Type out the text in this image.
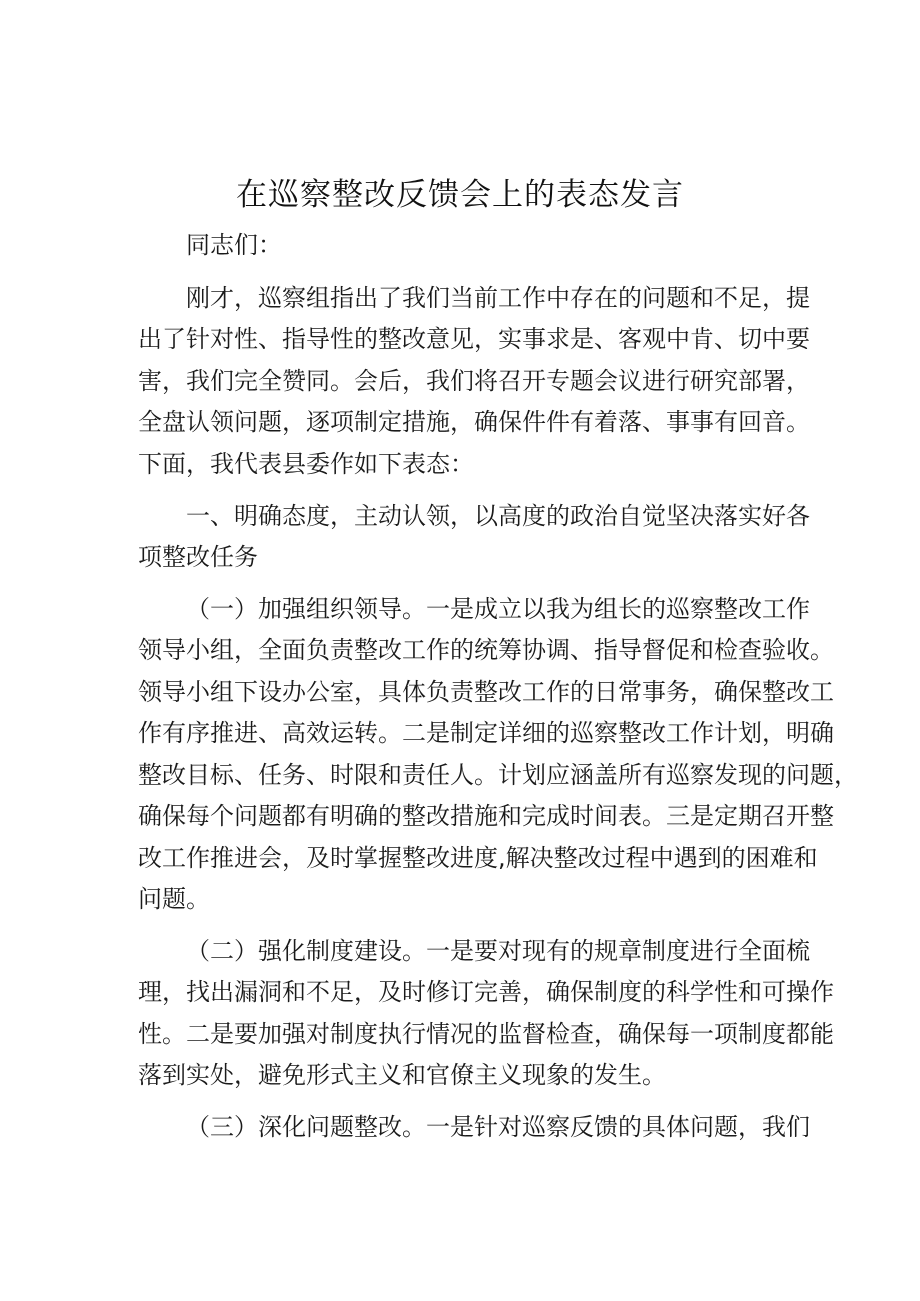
在巡察整改反馈会上的表态发言

同志们：

刚才，巡察组指出了我们当前工作中存在的问题和不足，提

出了针对性、指导性的整改意见，实事求是、客观中肯、切中要

害，我们完全赞同。会后，我们将召开专题会议进行研究部署，

全盘认领问题，逐项制定措施，确保件件有着落、事事有回音。

下面，我代表县委作如下表态：

一、明确态度，主动认领，以高度的政治自觉坚决落实好各

项整改任务

（一）加强组织领导。一是成立以我为组长的巡察整改工作

领导小组，全面负责整改工作的统筹协调、指导督促和检查验收。

领导小组下设办公室，具体负责整改工作的日常事务，确保整改工

作有序推进、高效运转。二是制定详细的巡察整改工作计划，明确

整改目标、任务、时限和责任人。计划应涵盖所有巡察发现的问题，

确保每个问题都有明确的整改措施和完成时间表。三是定期召开整

改工作推进会，及时掌握整改进度,解决整改过程中遇到的困难和

问题。

（二）强化制度建设。一是要对现有的规章制度进行全面梳

理，找出漏洞和不足，及时修订完善，确保制度的科学性和可操作

性。二是要加强对制度执行情况的监督检查，确保每一项制度都能

落到实处，避免形式主义和官僚主义现象的发生。

（三）深化问题整改。一是针对巡察反馈的具体问题，我们
